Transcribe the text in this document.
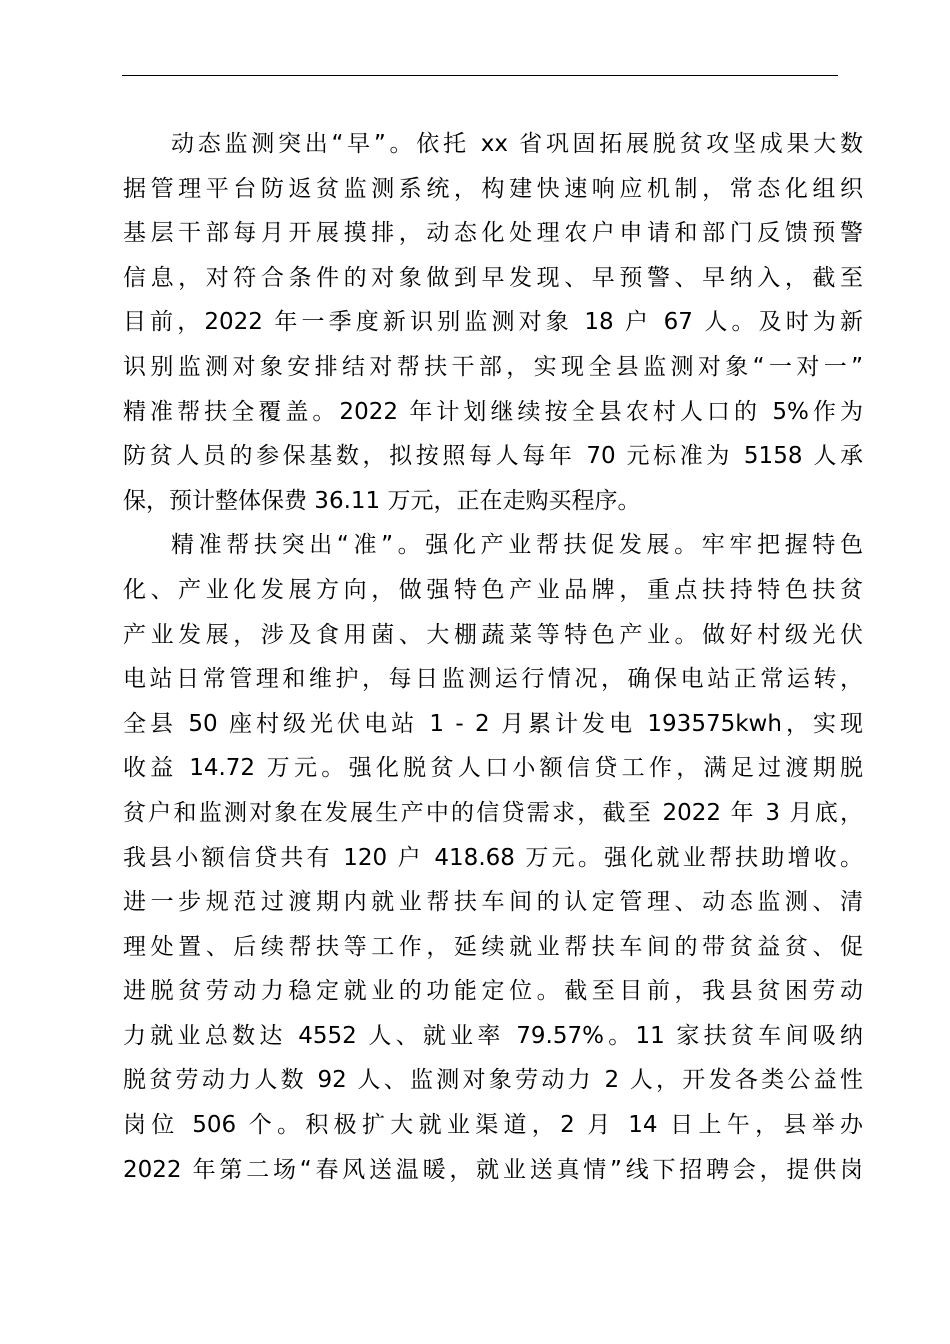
动态监测突出“早”。依托 xx 省巩固拓展脱贫攻坚成果大数
据管理平台防返贫监测系统，构建快速响应机制，常态化组织
基层干部每月开展摸排，动态化处理农户申请和部门反馈预警
信息，对符合条件的对象做到早发现、早预警、早纳入，截至
目前，2022 年一季度新识别监测对象 18 户 67 人。及时为新
识别监测对象安排结对帮扶干部，实现全县监测对象“一对一”
精准帮扶全覆盖。2022 年计划继续按全县农村人口的 5%作为
防贫人员的参保基数，拟按照每人每年 70 元标准为 5158 人承
保，预计整体保费 36.11 万元，正在走购买程序。
精准帮扶突出“准”。强化产业帮扶促发展。牢牢把握特色
化、产业化发展方向，做强特色产业品牌，重点扶持特色扶贫
产业发展，涉及食用菌、大棚蔬菜等特色产业。做好村级光伏
电站日常管理和维护，每日监测运行情况，确保电站正常运转，
全县 50 座村级光伏电站 1 - 2 月累计发电 193575kwh，实现
收益 14.72 万元。强化脱贫人口小额信贷工作，满足过渡期脱
贫户和监测对象在发展生产中的信贷需求，截至 2022 年 3 月底，
我县小额信贷共有 120 户 418.68 万元。强化就业帮扶助增收。
进一步规范过渡期内就业帮扶车间的认定管理、动态监测、清
理处置、后续帮扶等工作，延续就业帮扶车间的带贫益贫、促
进脱贫劳动力稳定就业的功能定位。截至目前，我县贫困劳动
力就业总数达 4552 人、就业率 79.57%。11 家扶贫车间吸纳
脱贫劳动力人数 92 人、监测对象劳动力 2 人，开发各类公益性
岗位 506 个。积极扩大就业渠道，2 月 14 日上午，县举办
2022 年第二场“春风送温暖，就业送真情”线下招聘会，提供岗
